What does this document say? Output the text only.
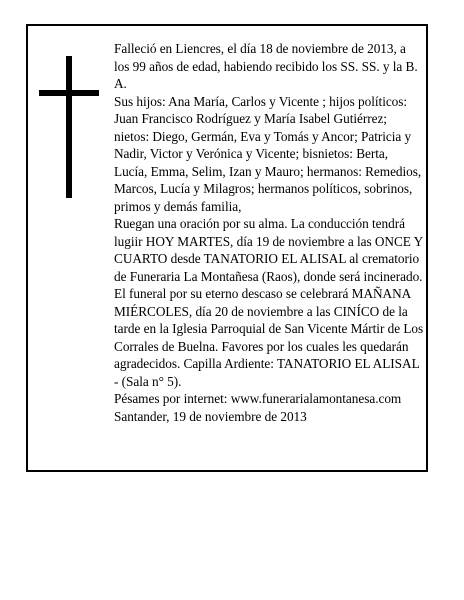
Falleció en Liencres, el día 18 de noviembre de 2013, a los 99 años de edad, habiendo recibido los SS. SS. y la B. A.

Sus hijos: Ana María, Carlos y Vicente ; hijos políticos: Juan Francisco Rodríguez y María Isabel Gutiérrez; nietos: Diego, Germán, Eva y Tomás y Ancor; Patricia y Nadir, Victor y Verónica y Vicente; bisnietos: Berta, Lucía, Emma, Selim, Izan y Mauro; hermanos: Remedios, Marcos, Lucía y Milagros; hermanos políticos, sobrinos, primos y demás familia,

Ruegan una oración por su alma. La conducción tendrá lugiir HOY MARTES, día 19 de noviembre a las ONCE Y CUARTO desde TANATORIO EL ALISAL al crematorio de Funeraria La Montañesa (Raos), donde será incinerado. El funeral por su eterno descaso se celebrará MAÑANA MIÉRCOLES, día 20 de noviembre a las CINÍCO de la tarde en la Iglesia Parroquial de San Vicente Mártir de Los Corrales de Buelna. Favores por los cuales les quedarán agradecidos. Capilla Ardiente: TANATORIO EL ALISAL - (Sala n° 5).

Pésames por internet: www.funerarialamontanesa.com

Santander, 19 de noviembre de 2013
